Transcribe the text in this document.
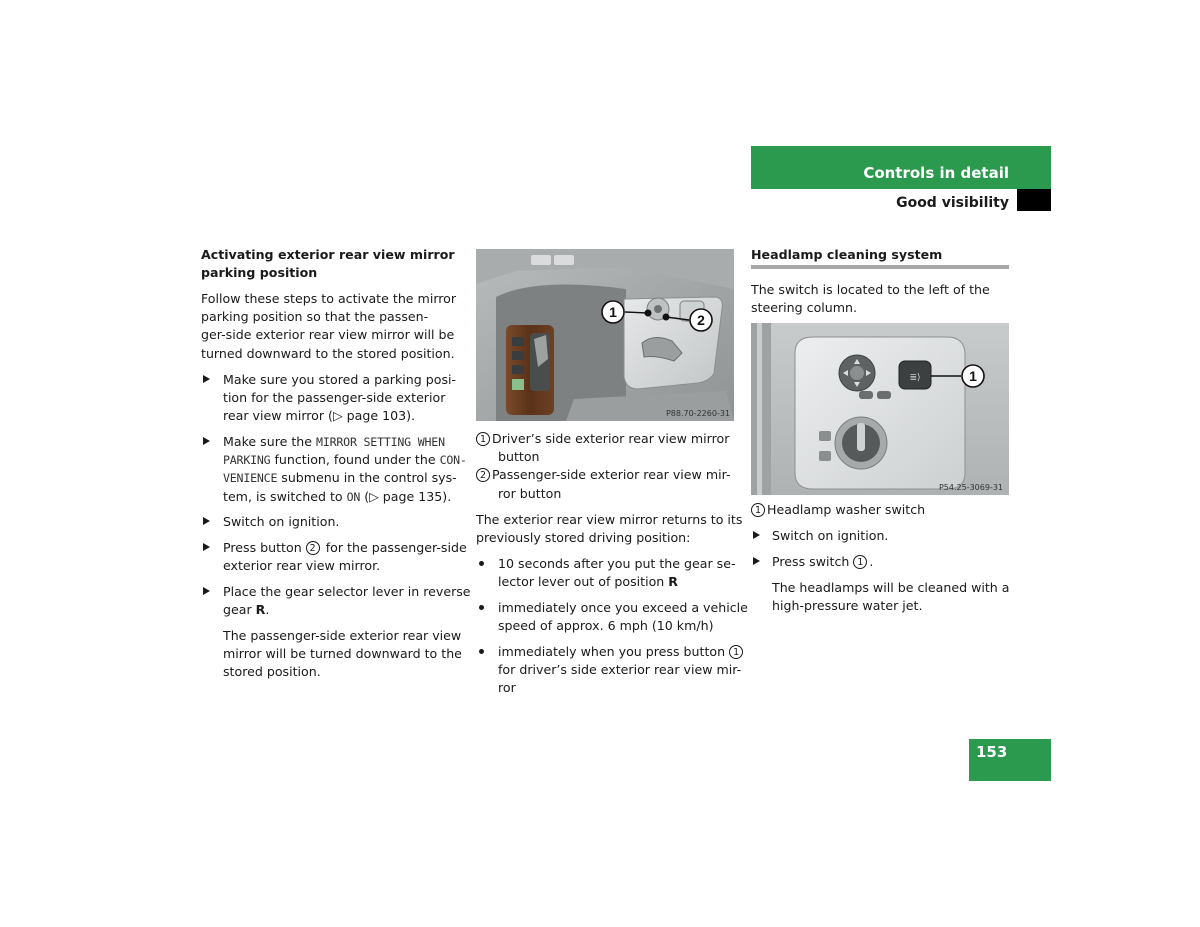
Controls in detail
Good visibility
Activating exterior rear view mirror
parking position
Follow these steps to activate the mirror
parking position so that the passen-
ger-side exterior rear view mirror will be
turned downward to the stored position.
Make sure you stored a parking posi-
tion for the passenger-side exterior
rear view mirror (▷ page 103).
Make sure the MIRROR SETTING WHEN
PARKING function, found under the CON-
VENIENCE submenu in the control sys-
tem, is switched to ON (▷ page 135).
Switch on ignition.
Press button 2 for the passenger-side
exterior rear view mirror.
Place the gear selector lever in reverse
gear R.
The passenger-side exterior rear view
mirror will be turned downward to the
stored position.
1	2
P88.70-2260-31
1 Driver’s side exterior rear view mirror
button
2 Passenger-side exterior rear view mir-
ror button
The exterior rear view mirror returns to its
previously stored driving position:
10 seconds after you put the gear se-
lector lever out of position R
immediately once you exceed a vehicle
speed of approx. 6 mph (10 km/h)
immediately when you press button 1
for driver’s side exterior rear view mir-
ror
Headlamp cleaning system
The switch is located to the left of the
steering column.
≣⟩	1
P54.25-3069-31
1 Headlamp washer switch
Switch on ignition.
Press switch 1 .
The headlamps will be cleaned with a
high-pressure water jet.
153
